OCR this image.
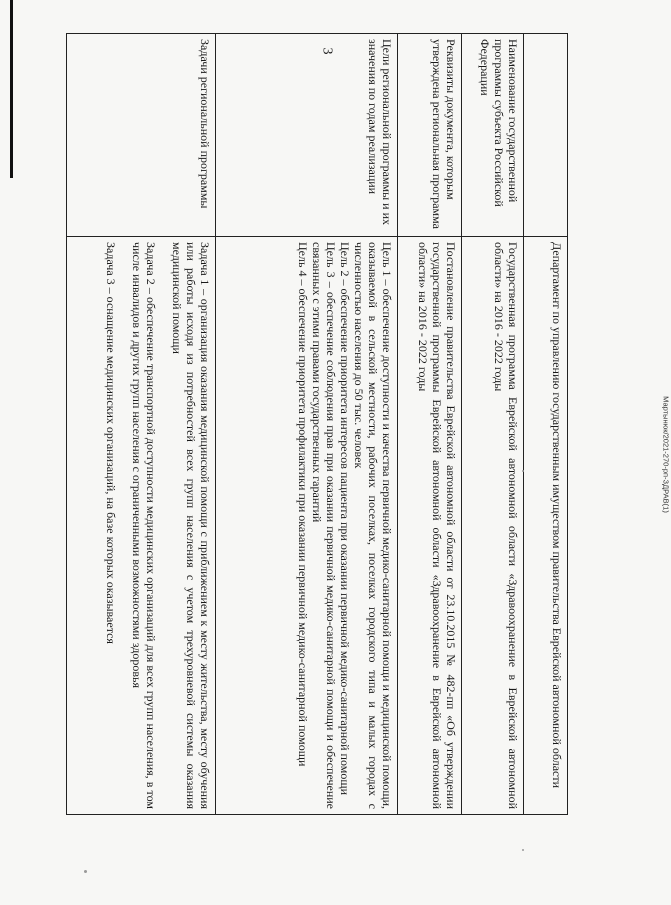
3
Мартынюк/2021-270-рп-ЗДРАВ(1)
	Департамент по управлению государственным имуществом правительства Еврейской автономной области
Наименование государственной программы субъекта Российской Федерации	Государственная программа Еврейской автономной области «Здравоохранение в Еврейской автономной области» на 2016 - 2022 годы
Реквизиты документа, которым утверждена региональная программа	Постановление правительства Еврейской автономной области от 23.10.2015 № 482-пп «Об утверждении государственной программы Еврейской автономной области «Здравоохранение в Еврейской автономной области» на 2016 - 2022 годы
Цели региональной программы и их значения по годам реализации	Цель 1 – обеспечение доступности и качества первичной медико-санитарной помощи и медицинской помощи, оказываемой в сельской местности, рабочих поселках, поселках городского типа и малых городах с численностью населения до 50 тыс. человек
Цель 2 – обеспечение приоритета интересов пациента при оказании первичной медико-санитарной помощи
Цель 3 – обеспечение соблюдения прав при оказании первичной медико-санитарной помощи и обеспечение связанных с этими правами государственных гарантий
Цель 4 – обеспечение приоритета профилактики при оказании первичной медико-санитарной помощи

Задачи региональной программы	Задача 1 – организация оказания медицинской помощи с приближением к месту жительства, месту обучения или работы исходя из потребностей всех групп населения с учетом трехуровневой системы оказания медицинской помощи
Задача 2 – обеспечение транспортной доступности медицинских организаций для всех групп населения, в том числе инвалидов и других групп населения с ограниченными возможностями здоровья
Задача 3 – оснащение медицинских организаций, на базе которых оказывается
